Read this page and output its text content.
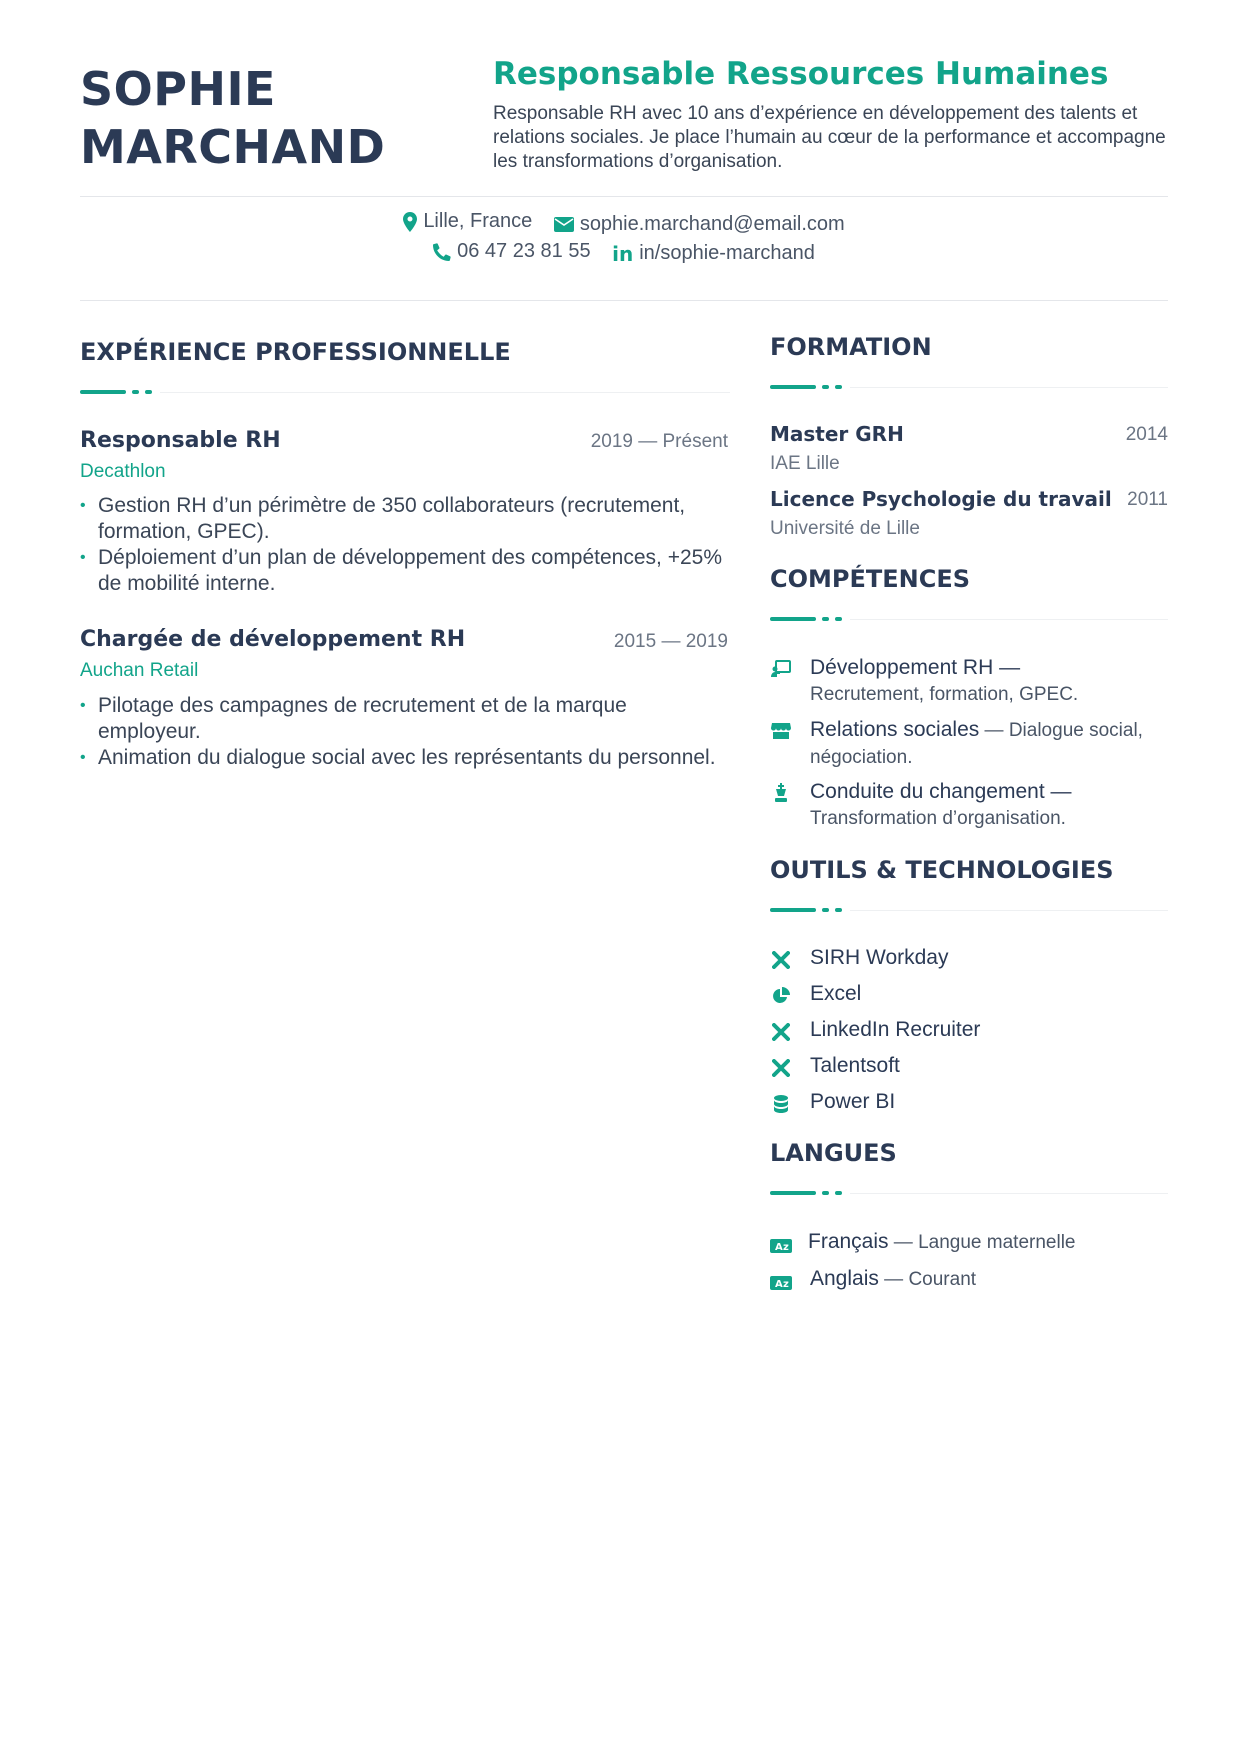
SOPHIE
MARCHAND
Responsable Ressources Humaines
Responsable RH avec 10 ans d’expérience en développement des talents et relations sociales. Je place l’humain au cœur de la performance et accompagne les transformations d’organisation.
Lille, France
sophie.marchand@email.com
06 47 23 81 55
in in/sophie-marchand
EXPÉRIENCE PROFESSIONNELLE
Responsable RH	2019 — Présent
Decathlon
• Gestion RH d’un périmètre de 350 collaborateurs (recrutement, formation, GPEC).
• Déploiement d’un plan de développement des compétences, +25% de mobilité interne.
Chargée de développement RH	2015 — 2019
Auchan Retail
• Pilotage des campagnes de recrutement et de la marque employeur.
• Animation du dialogue social avec les représentants du personnel.
FORMATION
Master GRH	2014
IAE Lille
Licence Psychologie du travail 2011
Université de Lille
COMPÉTENCES
Développement RH —
Recrutement, formation, GPEC.
Relations sociales — Dialogue social, négociation.
Conduite du changement —
Transformation d’organisation.
OUTILS & TECHNOLOGIES
SIRH Workday
Excel
LinkedIn Recruiter
Talentsoft
Power BI
LANGUES
A z Français — Langue maternelle
A z Anglais — Courant
